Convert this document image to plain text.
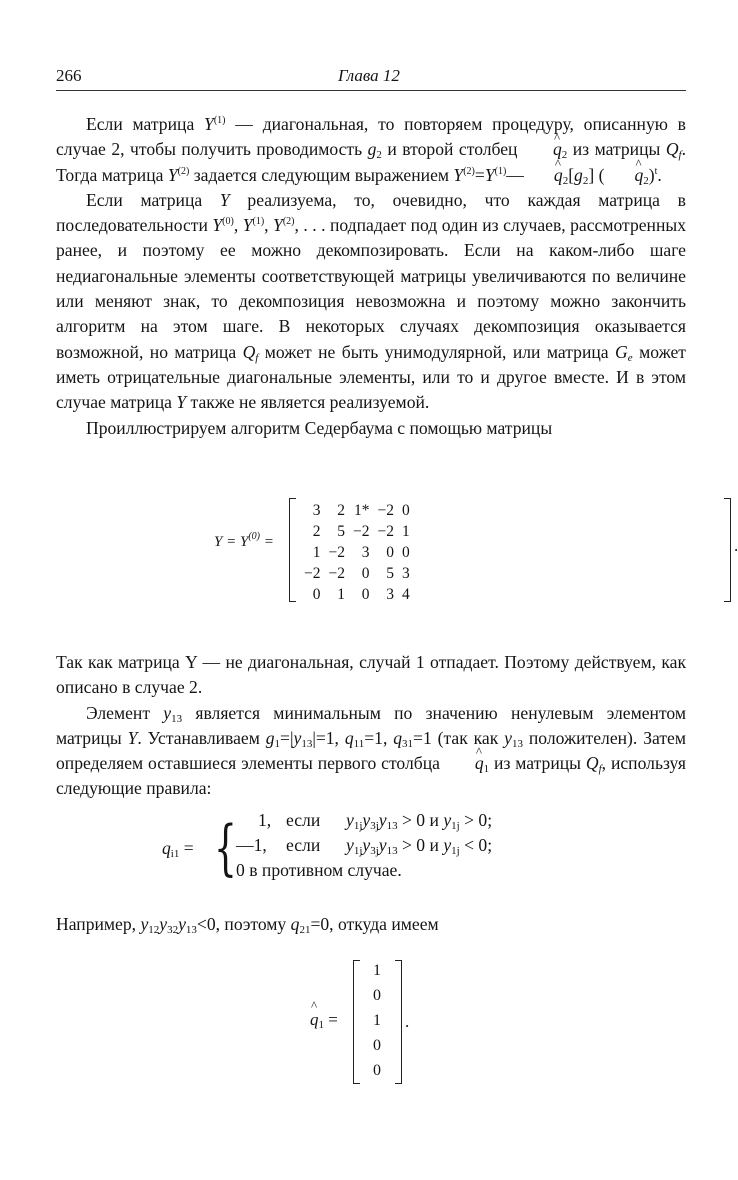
266	Глава 12

Если матрица $Y^{(1)}$ — диагональная, то повторяем процедуру, описанную в случае 2, чтобы получить проводимость $g_2$ и второй столбец ^ $q_2$ из матрицы $Q_f$. Тогда матрица $Y^{(2)}$ задается следующим выражением $Y^{(2)}=Y^{(1)}—$ ^ $q_2[g_2]$ ( ^ $q_2)^t$.

Если матрица Y реализуема, то, очевидно, что каждая матрица в последовательности $Y^{(0)}$, $Y^{(1)}$, $Y^{(2)}$, . . . подпадает под один из случаев, рассмотренных ранее, и поэтому ее можно декомпозировать. Если на каком-либо шаге недиагональные элементы соответствующей матрицы увеличиваются по величине или меняют знак, то декомпозиция невозможна и поэтому можно закончить алгоритм на этом шаге. В некоторых случаях декомпозиция оказывается возможной, но матрица $Q_f$ может не быть унимодулярной, или матрица $G_e$ может иметь отрицательные диагональные элементы, или то и другое вместе. И в этом случае матрица Y также не является реализуемой.

Проиллюстрируем алгоритм Седербаума с помощью матрицы

$Y = Y^{(0)}$ =
3	2	1*	−2	0
2	5	−2	−2	1
1	−2	3	0	0
−2	−2	0	5	3
0	1	0	3	4
.

Так как матрица Y — не диагональная, случай 1 отпадает. Поэтому действуем, как описано в случае 2.

Элемент $y_{13}$ является минимальным по значению ненулевым элементом матрицы Y. Устанавливаем $g_1=|y_{13}|=1$, $q_{11}=1$, $q_{31}=1$ (так как $y_{13}$ положителен). Затем определяем оставшиеся элементы первого столбца ^ $q_1$ из матрицы $Q_f$, используя следующие правила:

$q_{i1}$ = {	1, если $y_{1j}y_{3j}y_{13} > 0$ и $y_{1j} > 0$;
—1, если $y_{1j}y_{3j}y_{13} > 0$ и $y_{1j} < 0$;
0 в противном случае.

Например, $y_{12}y_{32}y_{13}<0$, поэтому $q_{21}=0$, откуда имеем

^ $q_1$ =
1
0
1
0
0
.
